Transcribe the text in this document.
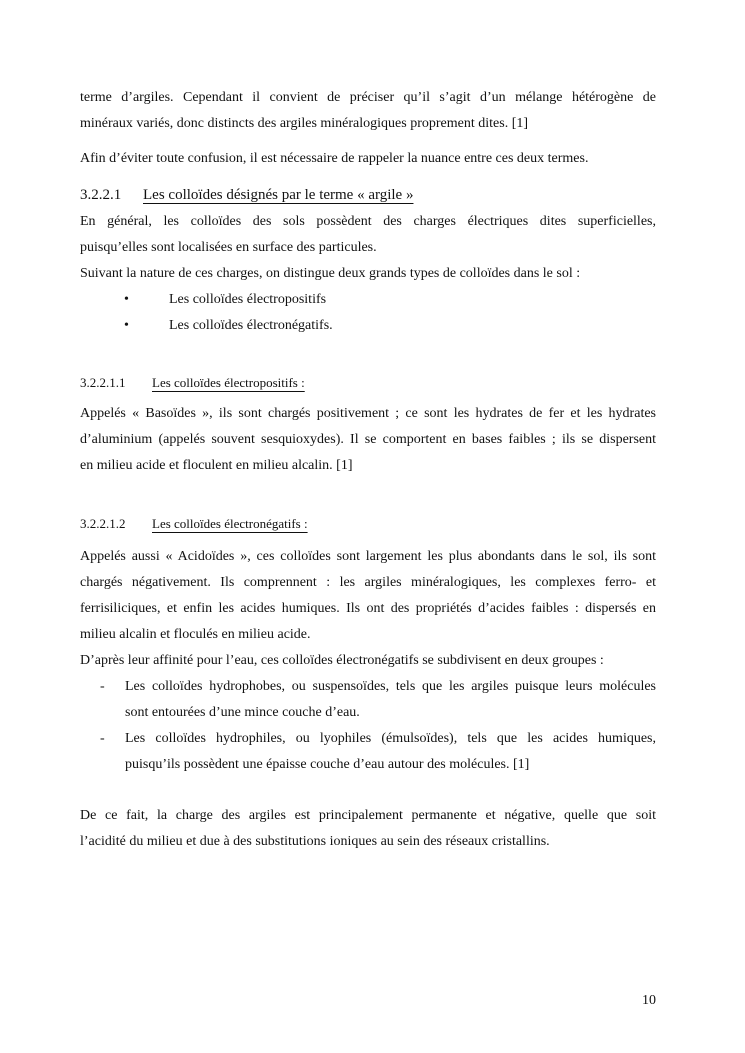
terme d’argiles. Cependant il convient de préciser qu’il s’agit d’un mélange hétérogène de
minéraux variés, donc distincts des argiles minéralogiques proprement dites. [1]
Afin d’éviter toute confusion, il est nécessaire de rappeler la nuance entre ces deux termes.
3.2.2.1 Les colloïdes désignés par le terme « argile »
En général, les colloïdes des sols possèdent des charges électriques dites superficielles,
puisqu’elles sont localisées en surface des particules.
Suivant la nature de ces charges, on distingue deux grands types de colloïdes dans le sol :
•	Les colloïdes électropositifs
•	Les colloïdes électronégatifs.
3.2.2.1.1 Les colloïdes électropositifs :
Appelés « Basoïdes », ils sont chargés positivement ; ce sont les hydrates de fer et les hydrates
d’aluminium (appelés souvent sesquioxydes). Il se comportent en bases faibles ; ils se dispersent
en milieu acide et floculent en milieu alcalin. [1]
3.2.2.1.2 Les colloïdes électronégatifs :
Appelés aussi « Acidoïdes », ces colloïdes sont largement les plus abondants dans le sol, ils sont
chargés négativement. Ils comprennent : les argiles minéralogiques, les complexes ferro- et
ferrisiliciques, et enfin les acides humiques. Ils ont des propriétés d’acides faibles : dispersés en
milieu alcalin et floculés en milieu acide.
D’après leur affinité pour l’eau, ces colloïdes électronégatifs se subdivisent en deux groupes :
- Les colloïdes hydrophobes, ou suspensoïdes, tels que les argiles puisque leurs molécules
sont entourées d’une mince couche d’eau.
- Les colloïdes hydrophiles, ou lyophiles (émulsoïdes), tels que les acides humiques,
puisqu’ils possèdent une épaisse couche d’eau autour des molécules. [1]
De ce fait, la charge des argiles est principalement permanente et négative, quelle que soit
l’acidité du milieu et due à des substitutions ioniques au sein des réseaux cristallins.
10
